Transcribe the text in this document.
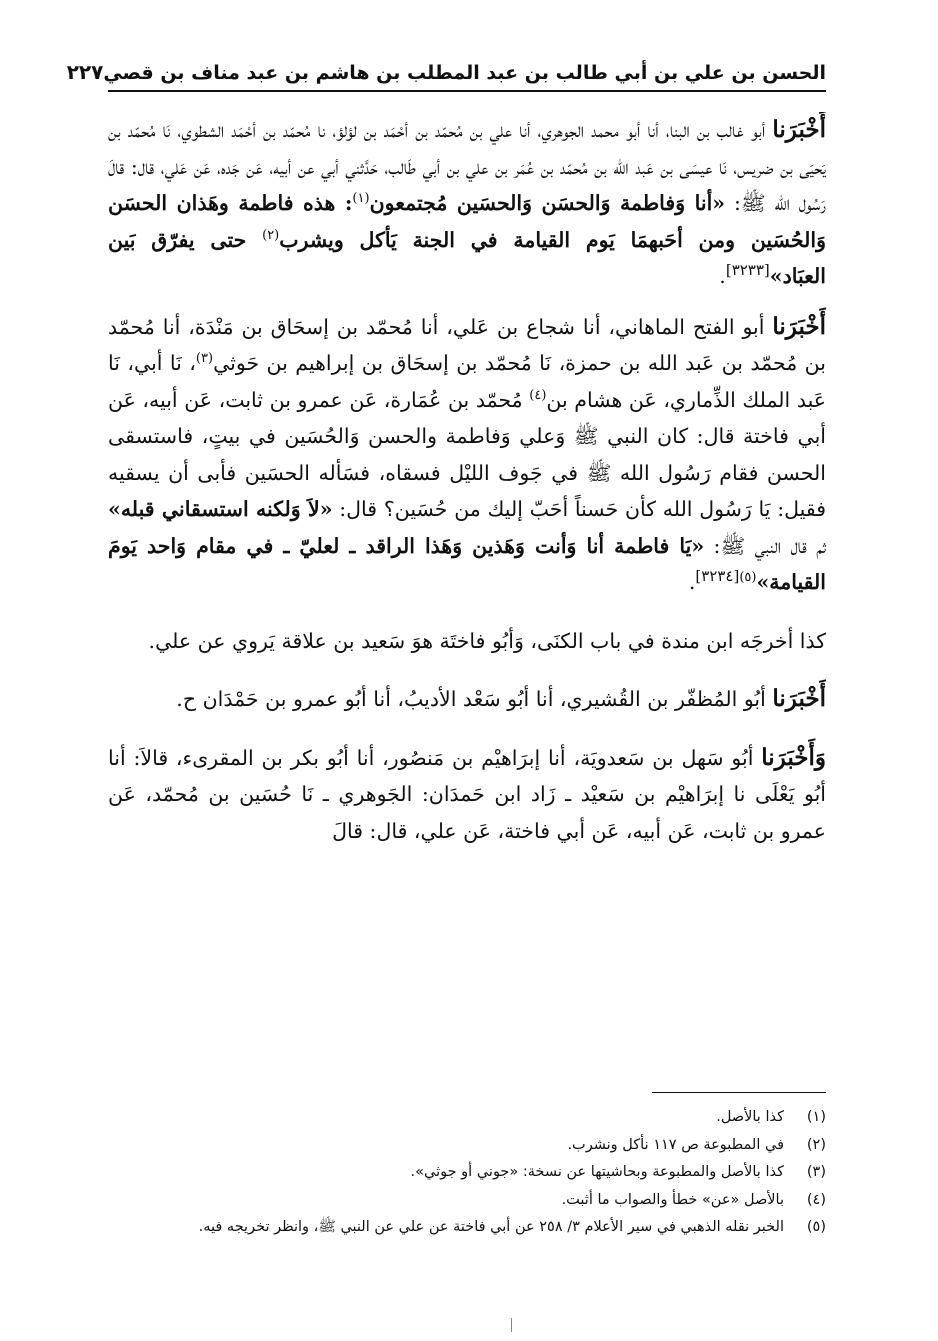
الحسن بن علي بن أبي طالب بن عبد المطلب بن هاشم بن عبد مناف بن قصي
٢٢٧

أَخْبَرَنا أبو غالب بن البنا، أنا أبو محمد الجوهري، أنا علي بن مُحمّد بن أحْمَد بن لؤلؤ، نا مُحمّد بن أحْمَد الشطوي، نَا مُحمّد بن يَحيَى بن ضريس، نَا عيسَى بن عَبد الله بن مُحمّد بن عُمَر بن علي بن أبي طَالب، حَدَّثني أبي عن أبيه، عَن جَده، عَن عَلي، قال: قالَ رَسُول الله ﷺ: «أنا وَفاطمة وَالحسَن وَالحسَين مُجتمعون$^{(١)}$: هذه فاطمة وهَذان الحسَن وَالحُسَين ومن أحَبهمَا يَوم القيامة في الجنة يَأكل ويشرب$^{(٢)}$ حتى يفرّق بَين العبَاد»[٣٢٣٣].

أَخْبَرَنا أبو الفتح الماهاني، أنا شجاع بن عَلي، أنا مُحمّد بن إسحَاق بن مَنْدَة، أنا مُحمّد بن مُحمّد بن عَبد الله بن حمزة، نَا مُحمّد بن إسحَاق بن إبراهيم بن حَوثي$^{(٣)}$، نَا أبي، نَا عَبد الملك الذِّماري، عَن هشام بن$^{(٤)}$ مُحمّد بن عُمَارة، عَن عمرو بن ثابت، عَن أبيه، عَن أبي فاختة قال: كان النبي ﷺ وَعلي وَفاطمة والحسن وَالحُسَين في بيتٍ، فاستسقى الحسن فقام رَسُول الله ﷺ في جَوف الليْل فسقاه، فسَأله الحسَين فأبى أن يسقيه فقيل: يَا رَسُول الله كأن حَسناً أحَبّ إليك من حُسَين؟ قال: «لاَ وَلكنه استسقاني قبله» ثم قال النبي ﷺ: «يَا فاطمة أنا وَأنت وَهَذين وَهَذا الراقد ـ لعليّ ـ في مقام وَاحد يَومَ القيامة»$^{(٥)[٣٢٣٤]}$.

كذا أخرجَه ابن مندة في باب الكنَى، وَأبُو فاختَة هوَ سَعيد بن علاقة يَروي عن علي.

أَخْبَرَنا أبُو المُظفّر بن القُشيري، أنا أبُو سَعْد الأديبُ، أنا أبُو عمرو بن حَمْدَان ح.

وَأَخْبَرَنا أبُو سَهل بن سَعدويَة، أنا إبرَاهيْم بن مَنصُور، أنا أبُو بكر بن المقرىء، قالاَ: أنا أبُو يَعْلَى نا إبرَاهيْم بن سَعيْد ـ زَاد ابن حَمدَان: الجَوهري ـ نَا حُسَين بن مُحمّد، عَن عمرو بن ثابت، عَن أبيه، عَن أبي فاختة، عَن علي، قال: قالَ

(١)
كذا بالأصل.
(٢)
في المطبوعة ص ١١٧ نأكل ونشرب.
(٣)
كذا بالأصل والمطبوعة وبحاشيتها عن نسخة: «جوني أو جوثي».
(٤)
بالأصل «عن» خطأ والصواب ما أثبت.
(٥)
الخبر نقله الذهبي في سير الأعلام ٣/ ٢٥٨ عن أبي فاختة عن علي عن النبي ﷺ، وانظر تخريجه فيه.
